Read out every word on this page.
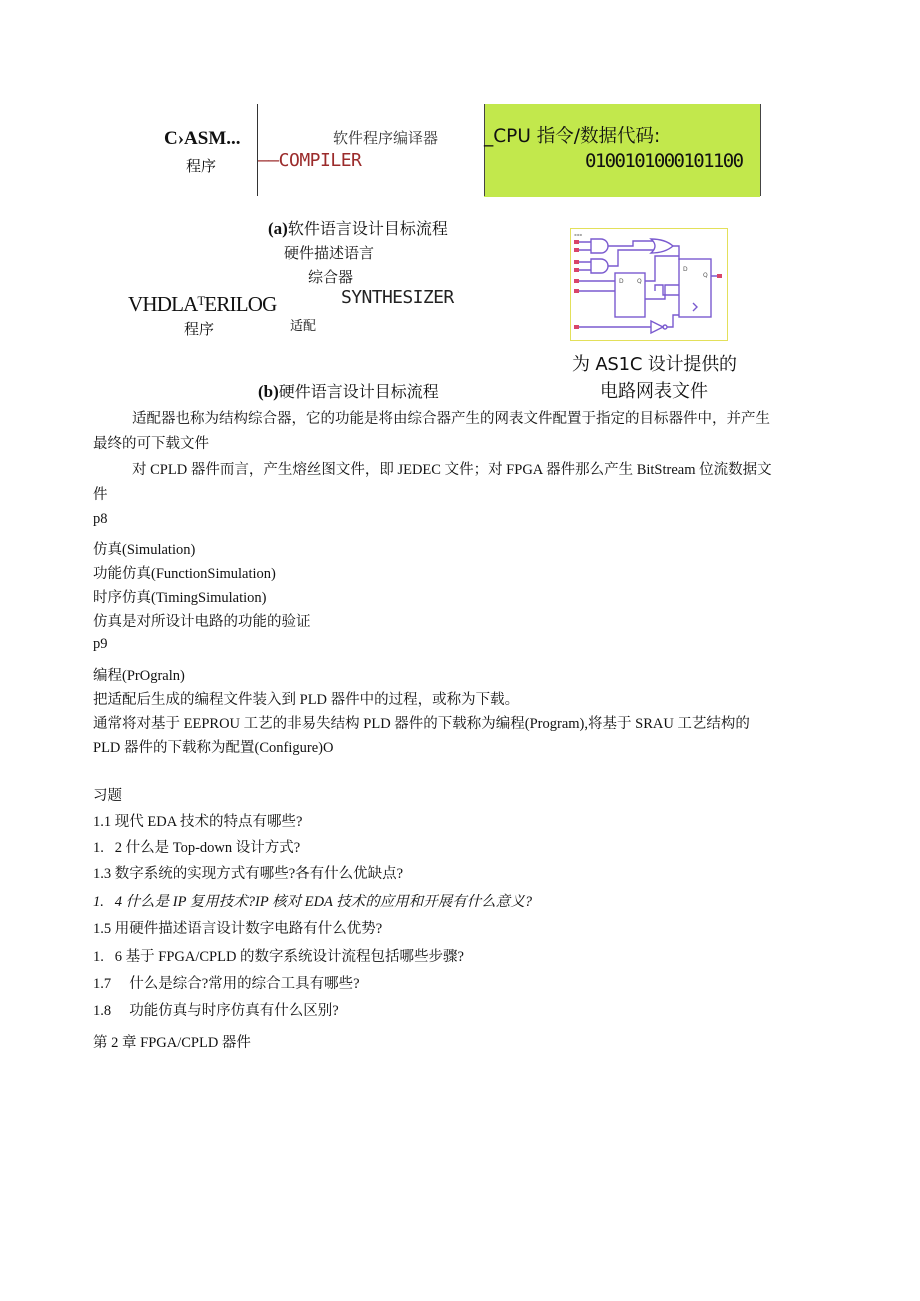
C›ASM...
程序
软件程序编译器
——COMPILER
_CPU 指令/数据代码:
0100101000101100
(a)软件语言设计目标流程
硬件描述语言
综合器
SYNTHESIZER
VHDLAᵀERILOG
程序	适配
D Q
D
Q
▪▪▪
为 AS1C 设计提供的
电路网表文件
(b)硬件语言设计目标流程
适配器也称为结构综合器，它的功能是将由综合器产生的网表文件配置于指定的目标器件中，并产生
最终的可下载文件
对 CPLD 器件而言，产生熔丝图文件，即 JEDEC 文件；对 FPGA 器件那么产生 BitStream 位流数据文
件
p8
仿真(Simulation)
功能仿真(FunctionSimulation)
时序仿真(TimingSimulation)
仿真是对所设计电路的功能的验证
p9
编程(PrOgraln)
把适配后生成的编程文件装入到 PLD 器件中的过程，或称为下载。
通常将对基于 EEPROU 工艺的非易失结构 PLD 器件的下载称为编程(Program),将基于 SRAU 工艺结构的
PLD 器件的下载称为配置(Configure)O
习题
1.1 现代 EDA 技术的特点有哪些?
1.   2 什么是 Top-down 设计方式?
1.3 数字系统的实现方式有哪些?各有什么优缺点?
1.   4 什么是 IP 复用技术?IP 核对 EDA 技术的应用和开展有什么意义?
1.5 用硬件描述语言设计数字电路有什么优势?
1.   6 基于 FPGA/CPLD 的数字系统设计流程包括哪些步骤?
1.7     什么是综合?常用的综合工具有哪些?
1.8     功能仿真与时序仿真有什么区别?
第 2 章 FPGA/CPLD 器件
